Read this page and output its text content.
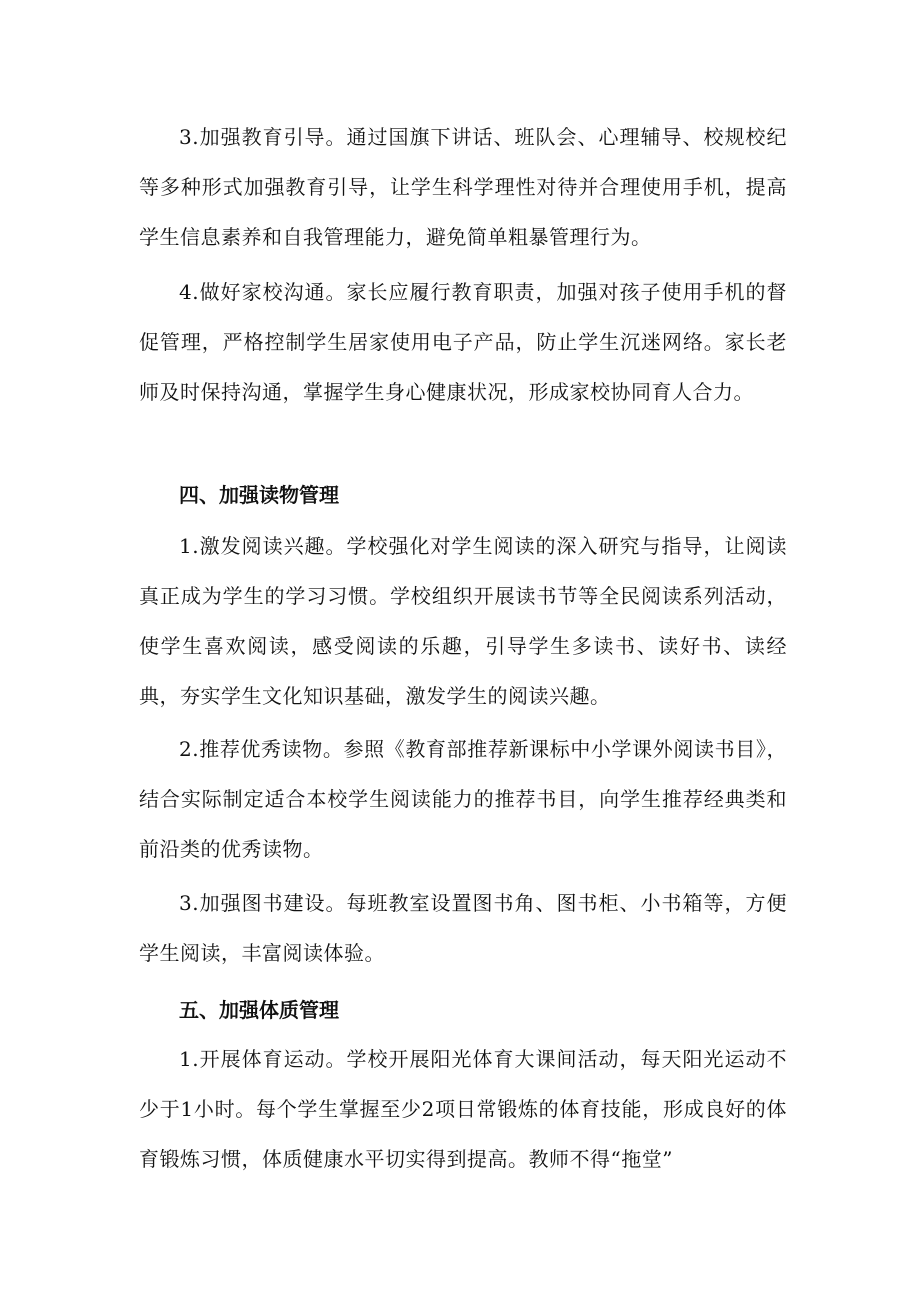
3.加强教育引导。通过国旗下讲话、班队会、心理辅导、校规校纪等多种形式加强教育引导，让学生科学理性对待并合理使用手机，提高学生信息素养和自我管理能力，避免简单粗暴管理行为。

4.做好家校沟通。家长应履行教育职责，加强对孩子使用手机的督促管理，严格控制学生居家使用电子产品，防止学生沉迷网络。家长老师及时保持沟通，掌握学生身心健康状况，形成家校协同育人合力。

四、加强读物管理

1.激发阅读兴趣。学校强化对学生阅读的深入研究与指导，让阅读真正成为学生的学习习惯。学校组织开展读书节等全民阅读系列活动，使学生喜欢阅读，感受阅读的乐趣，引导学生多读书、读好书、读经典，夯实学生文化知识基础，激发学生的阅读兴趣。

2.推荐优秀读物。参照《教育部推荐新课标中小学课外阅读书目》，结合实际制定适合本校学生阅读能力的推荐书目，向学生推荐经典类和前沿类的优秀读物。

3.加强图书建设。每班教室设置图书角、图书柜、小书箱等，方便学生阅读，丰富阅读体验。

五、加强体质管理

1.开展体育运动。学校开展阳光体育大课间活动，每天阳光运动不少于1小时。每个学生掌握至少2项日常锻炼的体育技能，形成良好的体育锻炼习惯，体质健康水平切实得到提高。教师不得“拖堂”
